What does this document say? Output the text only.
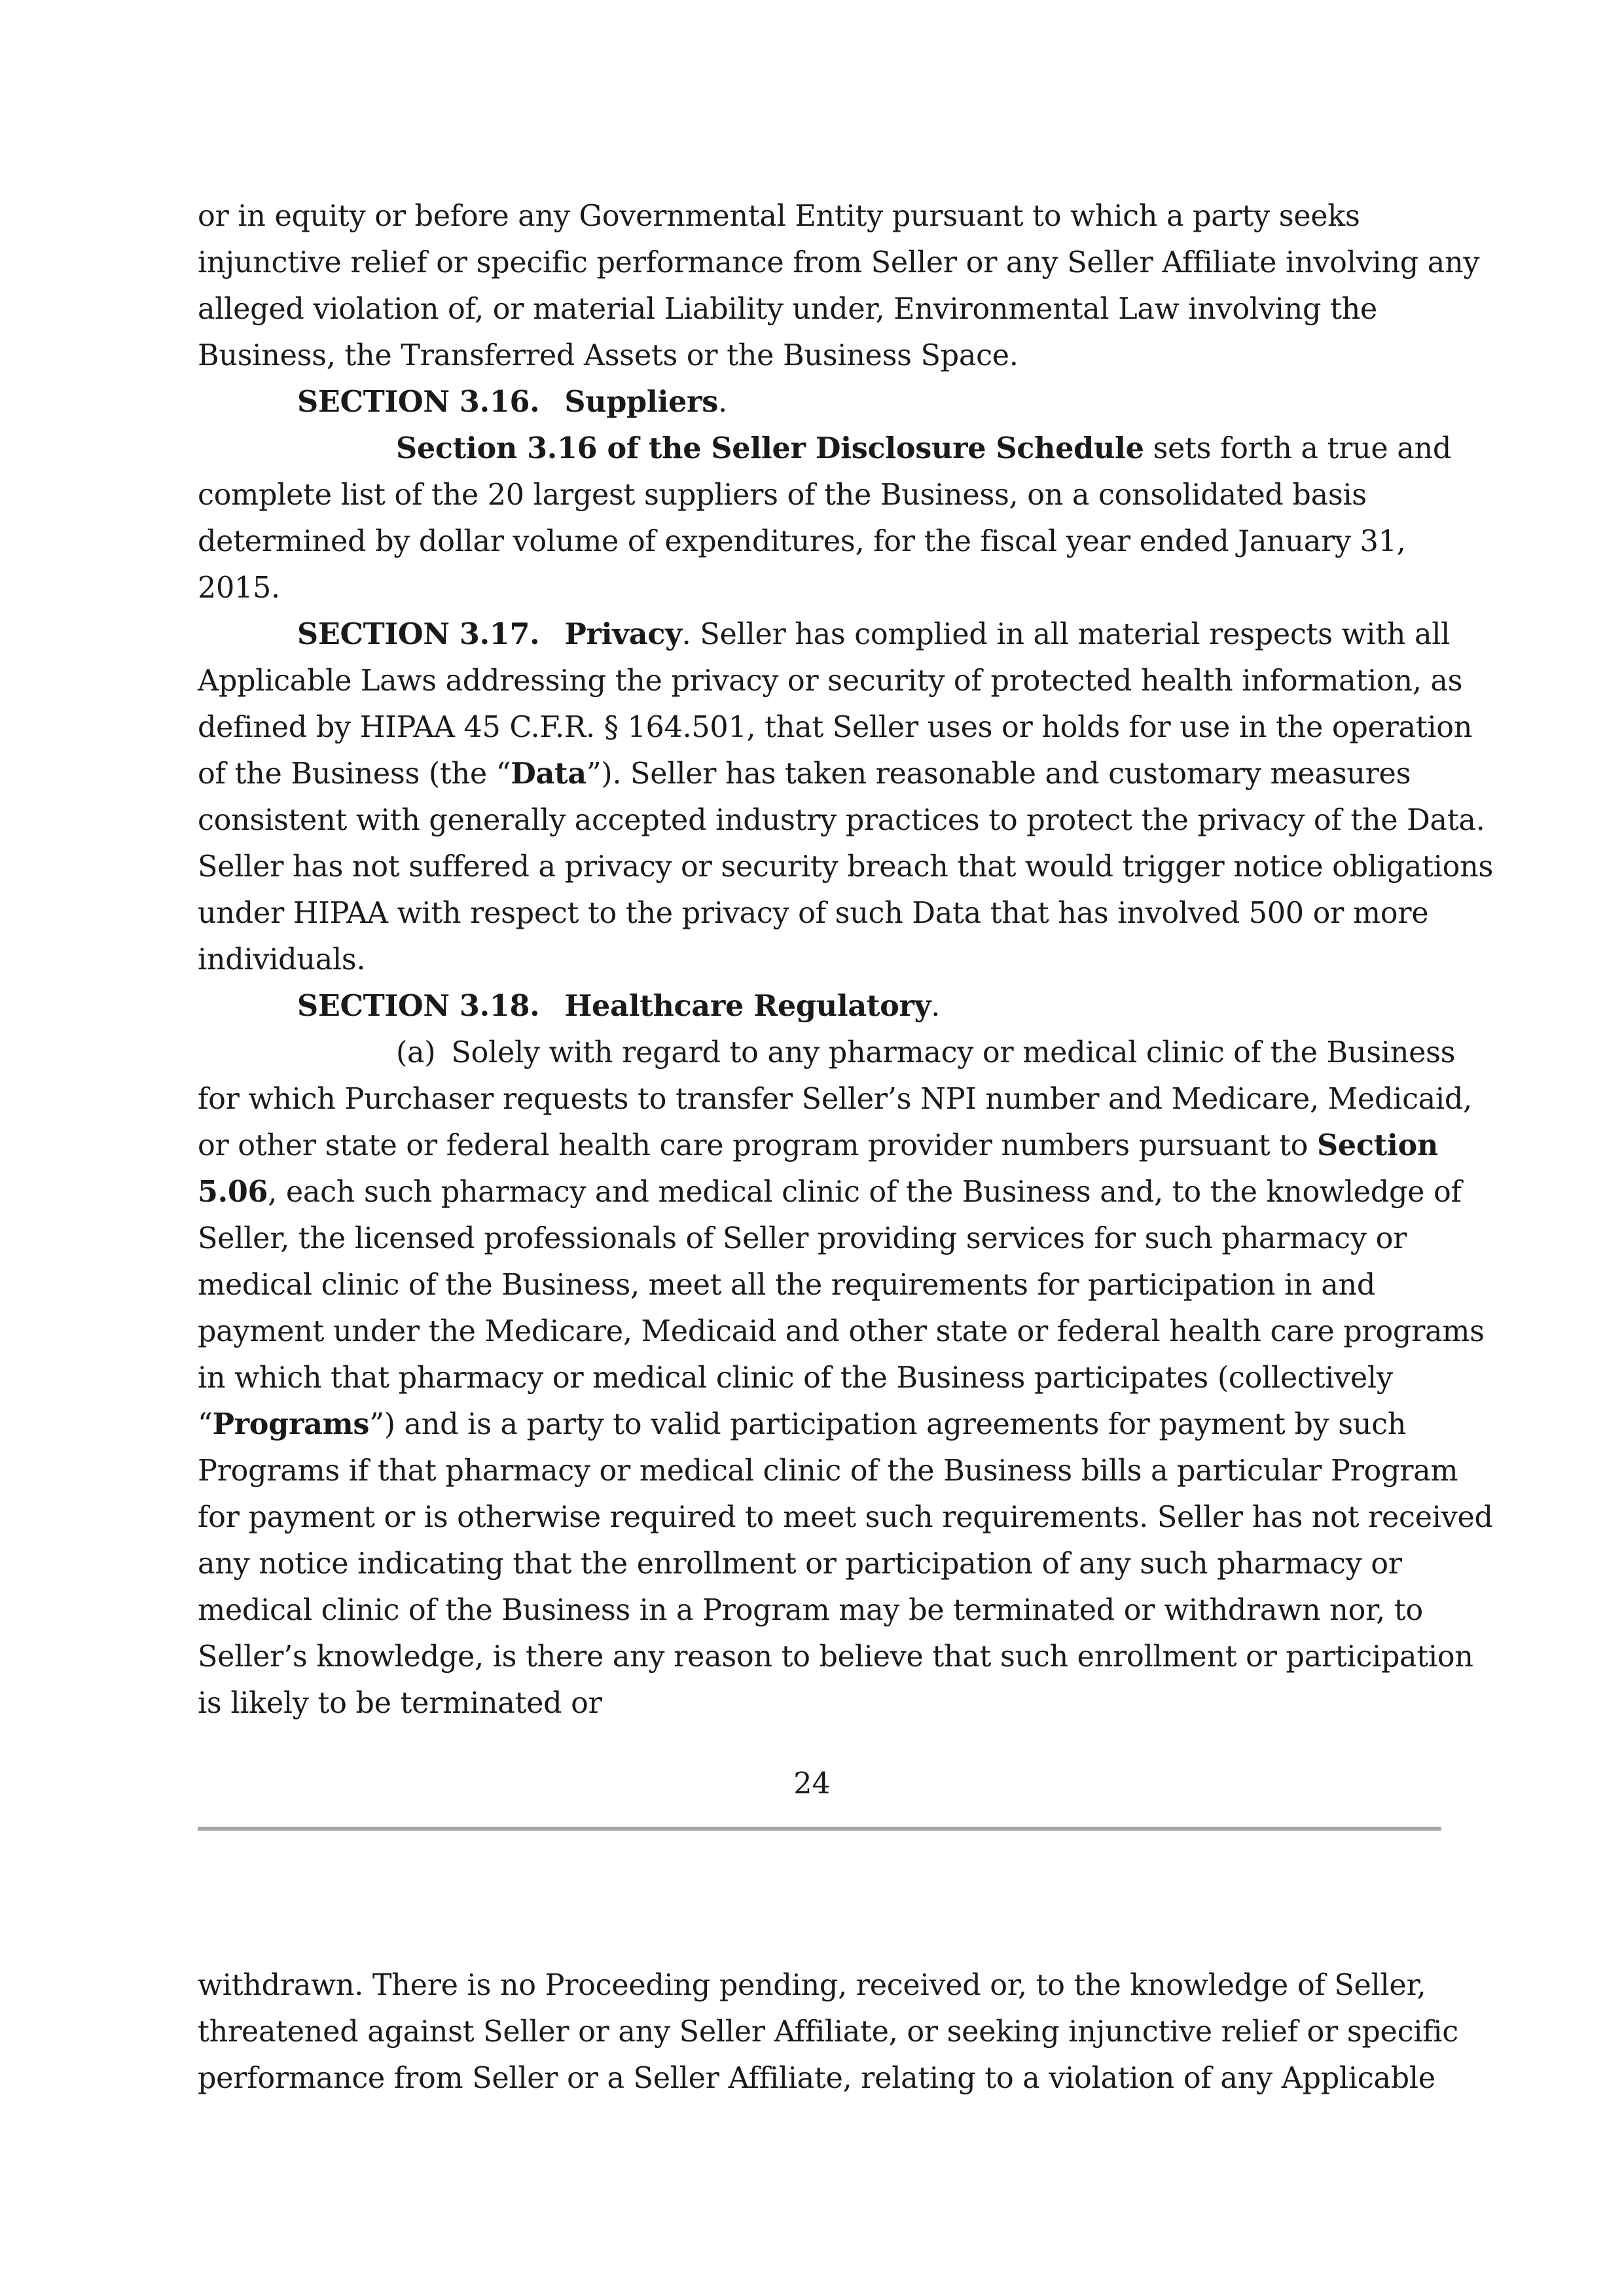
or in equity or before any Governmental Entity pursuant to which a party seeks
injunctive relief or specific performance from Seller or any Seller Affiliate involving any
alleged violation of, or material Liability under, Environmental Law involving the
Business, the Transferred Assets or the Business Space.
SECTION 3.16. Suppliers.
Section 3.16 of the Seller Disclosure Schedule sets forth a true and
complete list of the 20 largest suppliers of the Business, on a consolidated basis
determined by dollar volume of expenditures, for the fiscal year ended January 31,
2015.
SECTION 3.17. Privacy. Seller has complied in all material respects with all
Applicable Laws addressing the privacy or security of protected health information, as
defined by HIPAA 45 C.F.R. § 164.501, that Seller uses or holds for use in the operation
of the Business (the “Data”). Seller has taken reasonable and customary measures
consistent with generally accepted industry practices to protect the privacy of the Data.
Seller has not suffered a privacy or security breach that would trigger notice obligations
under HIPAA with respect to the privacy of such Data that has involved 500 or more
individuals.
SECTION 3.18. Healthcare Regulatory.
(a) Solely with regard to any pharmacy or medical clinic of the Business
for which Purchaser requests to transfer Seller’s NPI number and Medicare, Medicaid,
or other state or federal health care program provider numbers pursuant to Section
5.06, each such pharmacy and medical clinic of the Business and, to the knowledge of
Seller, the licensed professionals of Seller providing services for such pharmacy or
medical clinic of the Business, meet all the requirements for participation in and
payment under the Medicare, Medicaid and other state or federal health care programs
in which that pharmacy or medical clinic of the Business participates (collectively
“Programs”) and is a party to valid participation agreements for payment by such
Programs if that pharmacy or medical clinic of the Business bills a particular Program
for payment or is otherwise required to meet such requirements. Seller has not received
any notice indicating that the enrollment or participation of any such pharmacy or
medical clinic of the Business in a Program may be terminated or withdrawn nor, to
Seller’s knowledge, is there any reason to believe that such enrollment or participation
is likely to be terminated or
24
withdrawn. There is no Proceeding pending, received or, to the knowledge of Seller,
threatened against Seller or any Seller Affiliate, or seeking injunctive relief or specific
performance from Seller or a Seller Affiliate, relating to a violation of any Applicable
